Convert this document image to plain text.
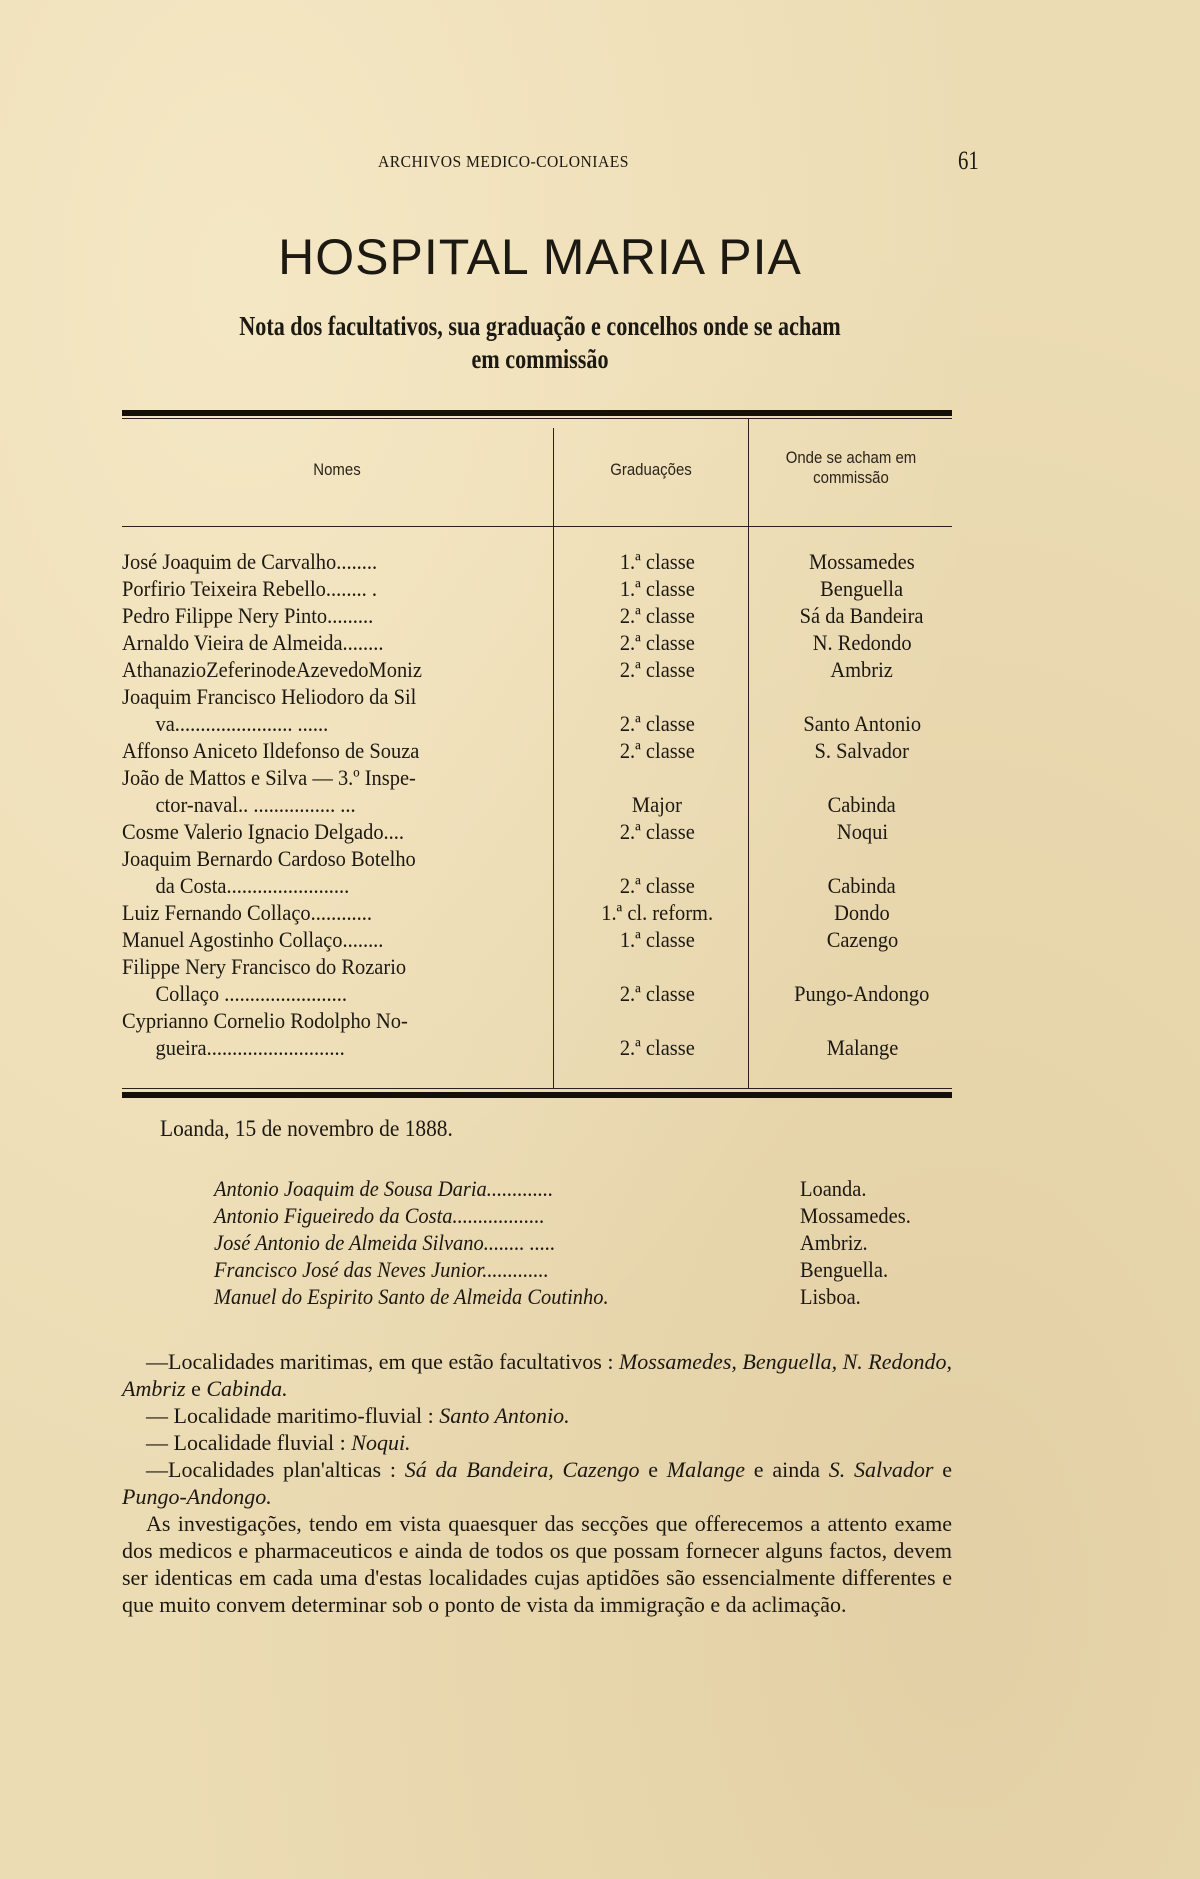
ARCHIVOS MEDICO-COLONIAES	61
HOSPITAL MARIA PIA
Nota dos facultativos, sua graduação e concelhos onde se acham
em commissão
Nomes	Graduações
Onde se acham em
commissão
José Joaquim de Carvalho........	1.ª classe	Mossamedes
Porfirio Teixeira Rebello........ .	1.ª classe	Benguella
Pedro Filippe Nery Pinto.........	2.ª classe	Sá da Bandeira
Arnaldo Vieira de Almeida........	2.ª classe	N. Redondo
AthanazioZeferinodeAzevedoMoniz	2.ª classe	Ambriz
Joaquim Francisco Heliodoro da Sil
va....................... ......	2.ª classe	Santo Antonio
Affonso Aniceto Ildefonso de Souza	2.ª classe	S. Salvador
João de Mattos e Silva — 3.º Inspe-
ctor-naval.. ................ ...	Major	Cabinda
Cosme Valerio Ignacio Delgado....	2.ª classe	Noqui
Joaquim Bernardo Cardoso Botelho
da Costa........................	2.ª classe	Cabinda
Luiz Fernando Collaço............	1.ª cl. reform.	Dondo
Manuel Agostinho Collaço........	1.ª classe	Cazengo
Filippe Nery Francisco do Rozario
Collaço ........................	2.ª classe	Pungo-Andongo
Cyprianno Cornelio Rodolpho No-
gueira...........................	2.ª classe	Malange
Loanda, 15 de novembro de 1888.
Antonio Joaquim de Sousa Daria.............	Loanda.
Antonio Figueiredo da Costa..................	Mossamedes.
José Antonio de Almeida Silvano........ .....	Ambriz.
Francisco José das Neves Junior.............	Benguella.
Manuel do Espirito Santo de Almeida Coutinho.	Lisboa.

—Localidades maritimas, em que estão facultativos : Mossamedes, Benguella, N. Redondo, Ambriz e Cabinda.

— Localidade maritimo-fluvial : Santo Antonio.

— Localidade fluvial : Noqui.

—Localidades plan'alticas : Sá da Bandeira, Cazengo e Malange e ainda S. Salvador e Pungo-Andongo.

As investigações, tendo em vista quaesquer das secções que offerecemos a attento exame dos medicos e pharmaceuticos e ainda de todos os que possam fornecer alguns factos, devem ser identicas em cada uma d'estas localidades cujas aptidões são essencialmente differentes e que muito convem determinar sob o ponto de vista da immigração e da aclimação.
